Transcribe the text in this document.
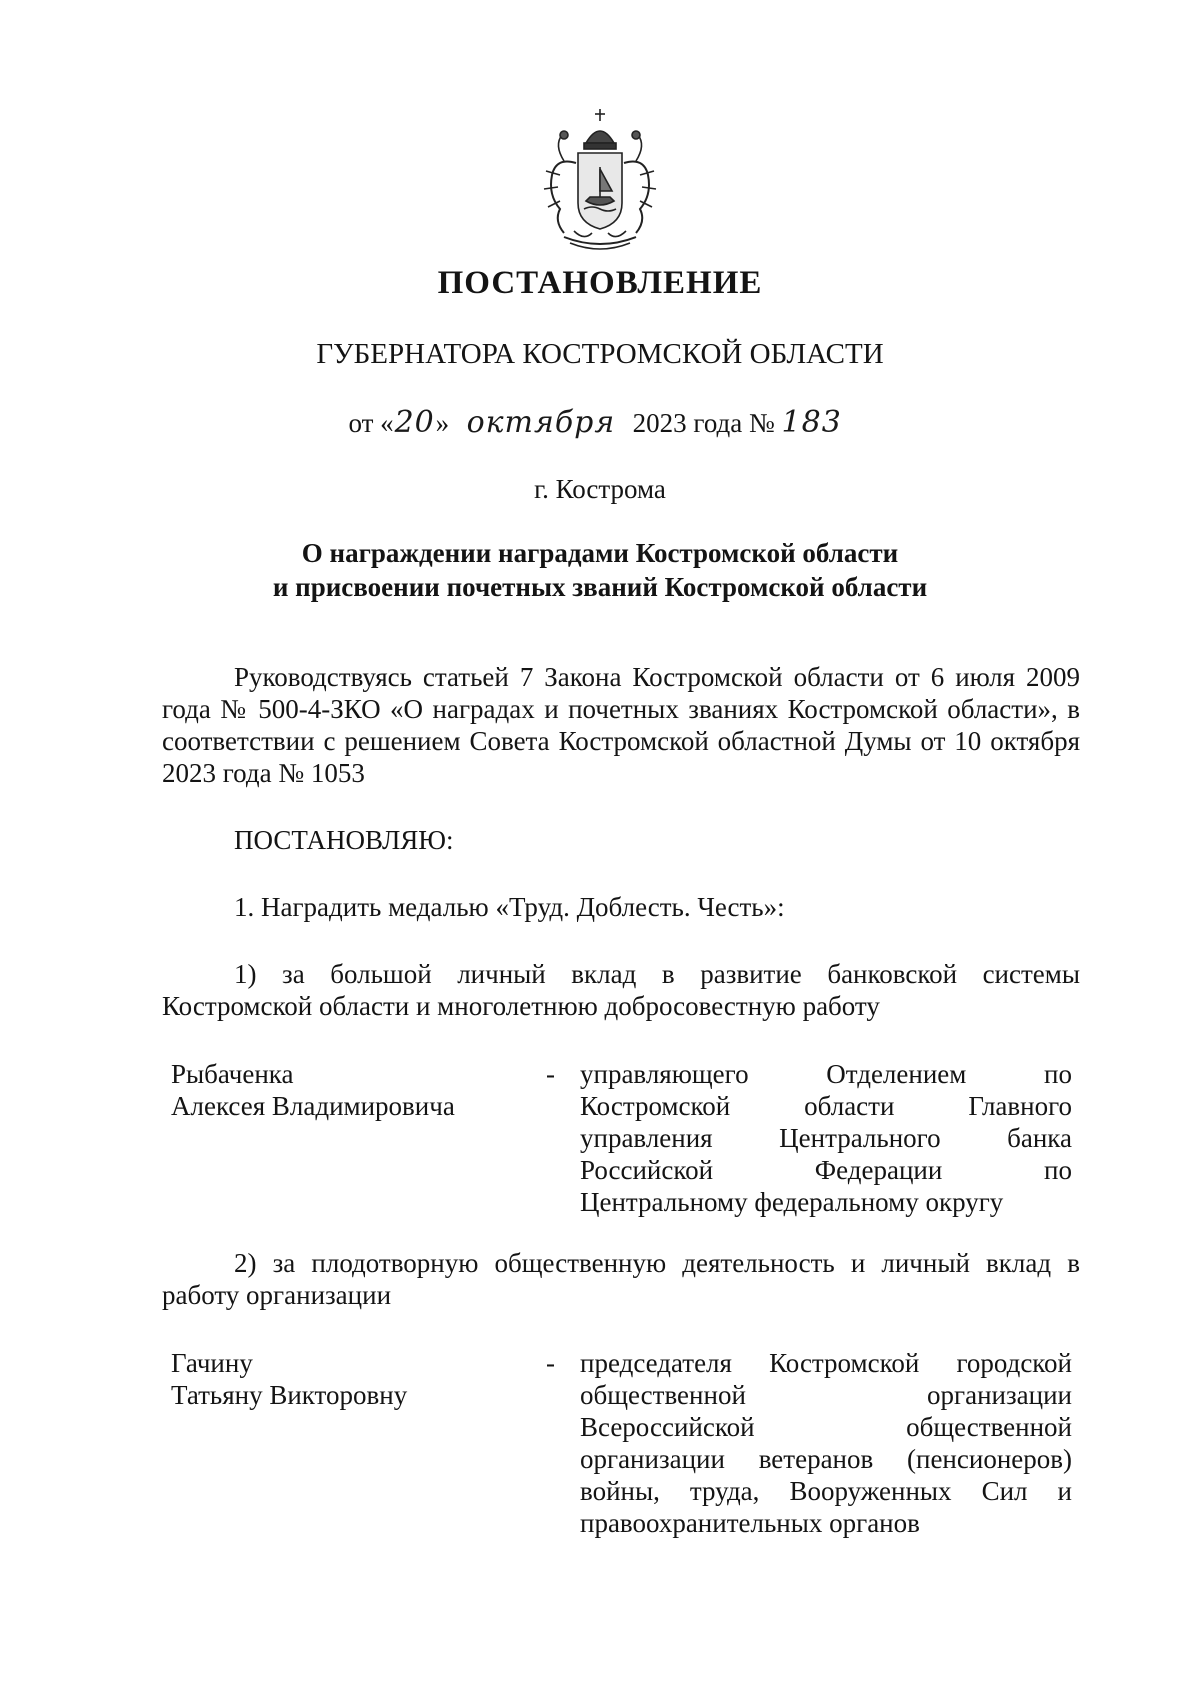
ПОСТАНОВЛЕНИЕ
ГУБЕРНАТОРА КОСТРОМСКОЙ ОБЛАСТИ
от «20» октября 2023 года № 183
г. Кострома
О награждении наградами Костромской области
и присвоении почетных званий Костромской области
Руководствуясь статьей 7 Закона Костромской области от 6 июля 2009 года № 500-4-ЗКО «О наградах и почетных званиях Костромской области», в соответствии с решением Совета Костромской областной Думы от 10 октября 2023 года № 1053
ПОСТАНОВЛЯЮ:
1. Наградить медалью «Труд. Доблесть. Честь»:
1) за большой личный вклад в развитие банковской системы Костромской области и многолетнюю добросовестную работу
Рыбаченка
Алексея Владимировича
- управляющего Отделением по
Костромской области Главного
управления Центрального банка
Российской Федерации по
Центральному федеральному округу
2) за плодотворную общественную деятельность и личный вклад в работу организации
Гачину
Татьяну Викторовну
- председателя Костромской городской
общественной организации
Всероссийской общественной
организации ветеранов (пенсионеров)
войны, труда, Вооруженных Сил и
правоохранительных органов
